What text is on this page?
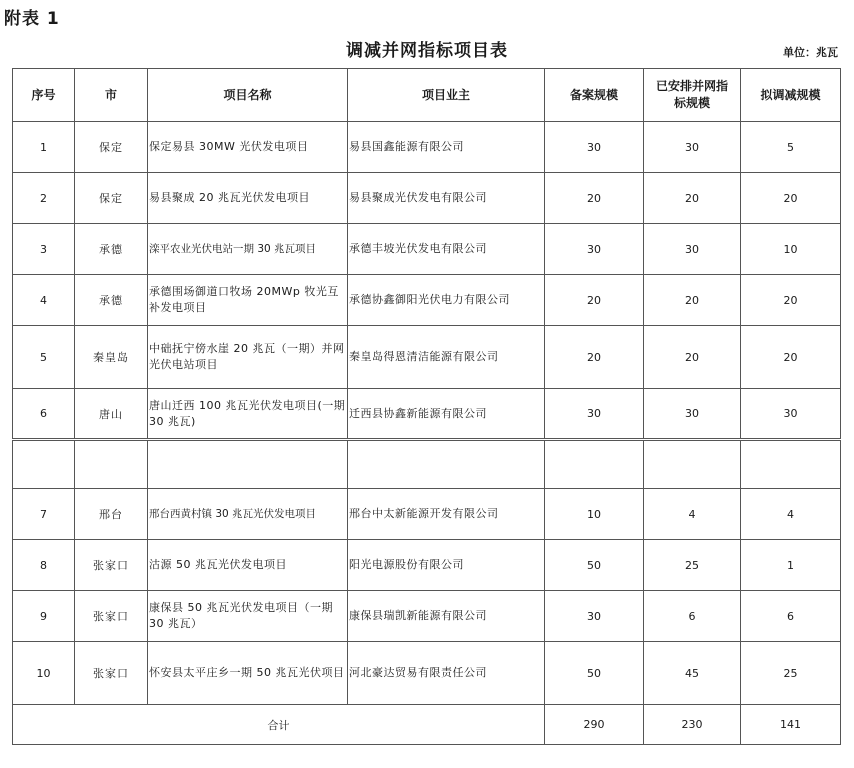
附表 1
调减并网指标项目表	单位：兆瓦
序号	市	项目名称	项目业主	备案规模	已安排并网指标规模	拟调减规模
1	保定	保定易县 30MW 光伏发电项目	易县国鑫能源有限公司	30	30	5
2	保定	易县聚成 20 兆瓦光伏发电项目	易县聚成光伏发电有限公司	20	20	20
3	承德	滦平农业光伏电站一期 30 兆瓦项目	承德丰坡光伏发电有限公司	30	30	10
4	承德	承德围场御道口牧场 20MWp 牧光互补发电项目	承德协鑫御阳光伏电力有限公司	20	20	20
5	秦皇岛	中础抚宁傍水崖 20 兆瓦（一期）并网光伏电站项目	秦皇岛得恩清洁能源有限公司	20	20	20
6	唐山	唐山迁西 100 兆瓦光伏发电项目(一期 30 兆瓦)	迁西县协鑫新能源有限公司	30	30	30

7	邢台	邢台西黄村镇 30 兆瓦光伏发电项目	邢台中太新能源开发有限公司	10	4	4
8	张家口	沽源 50 兆瓦光伏发电项目	阳光电源股份有限公司	50	25	1
9	张家口	康保县 50 兆瓦光伏发电项目（一期 30 兆瓦）	康保县瑞凯新能源有限公司	30	6	6
10	张家口	怀安县太平庄乡一期 50 兆瓦光伏项目	河北豪达贸易有限责任公司	50	45	25
合计				290	230	141
